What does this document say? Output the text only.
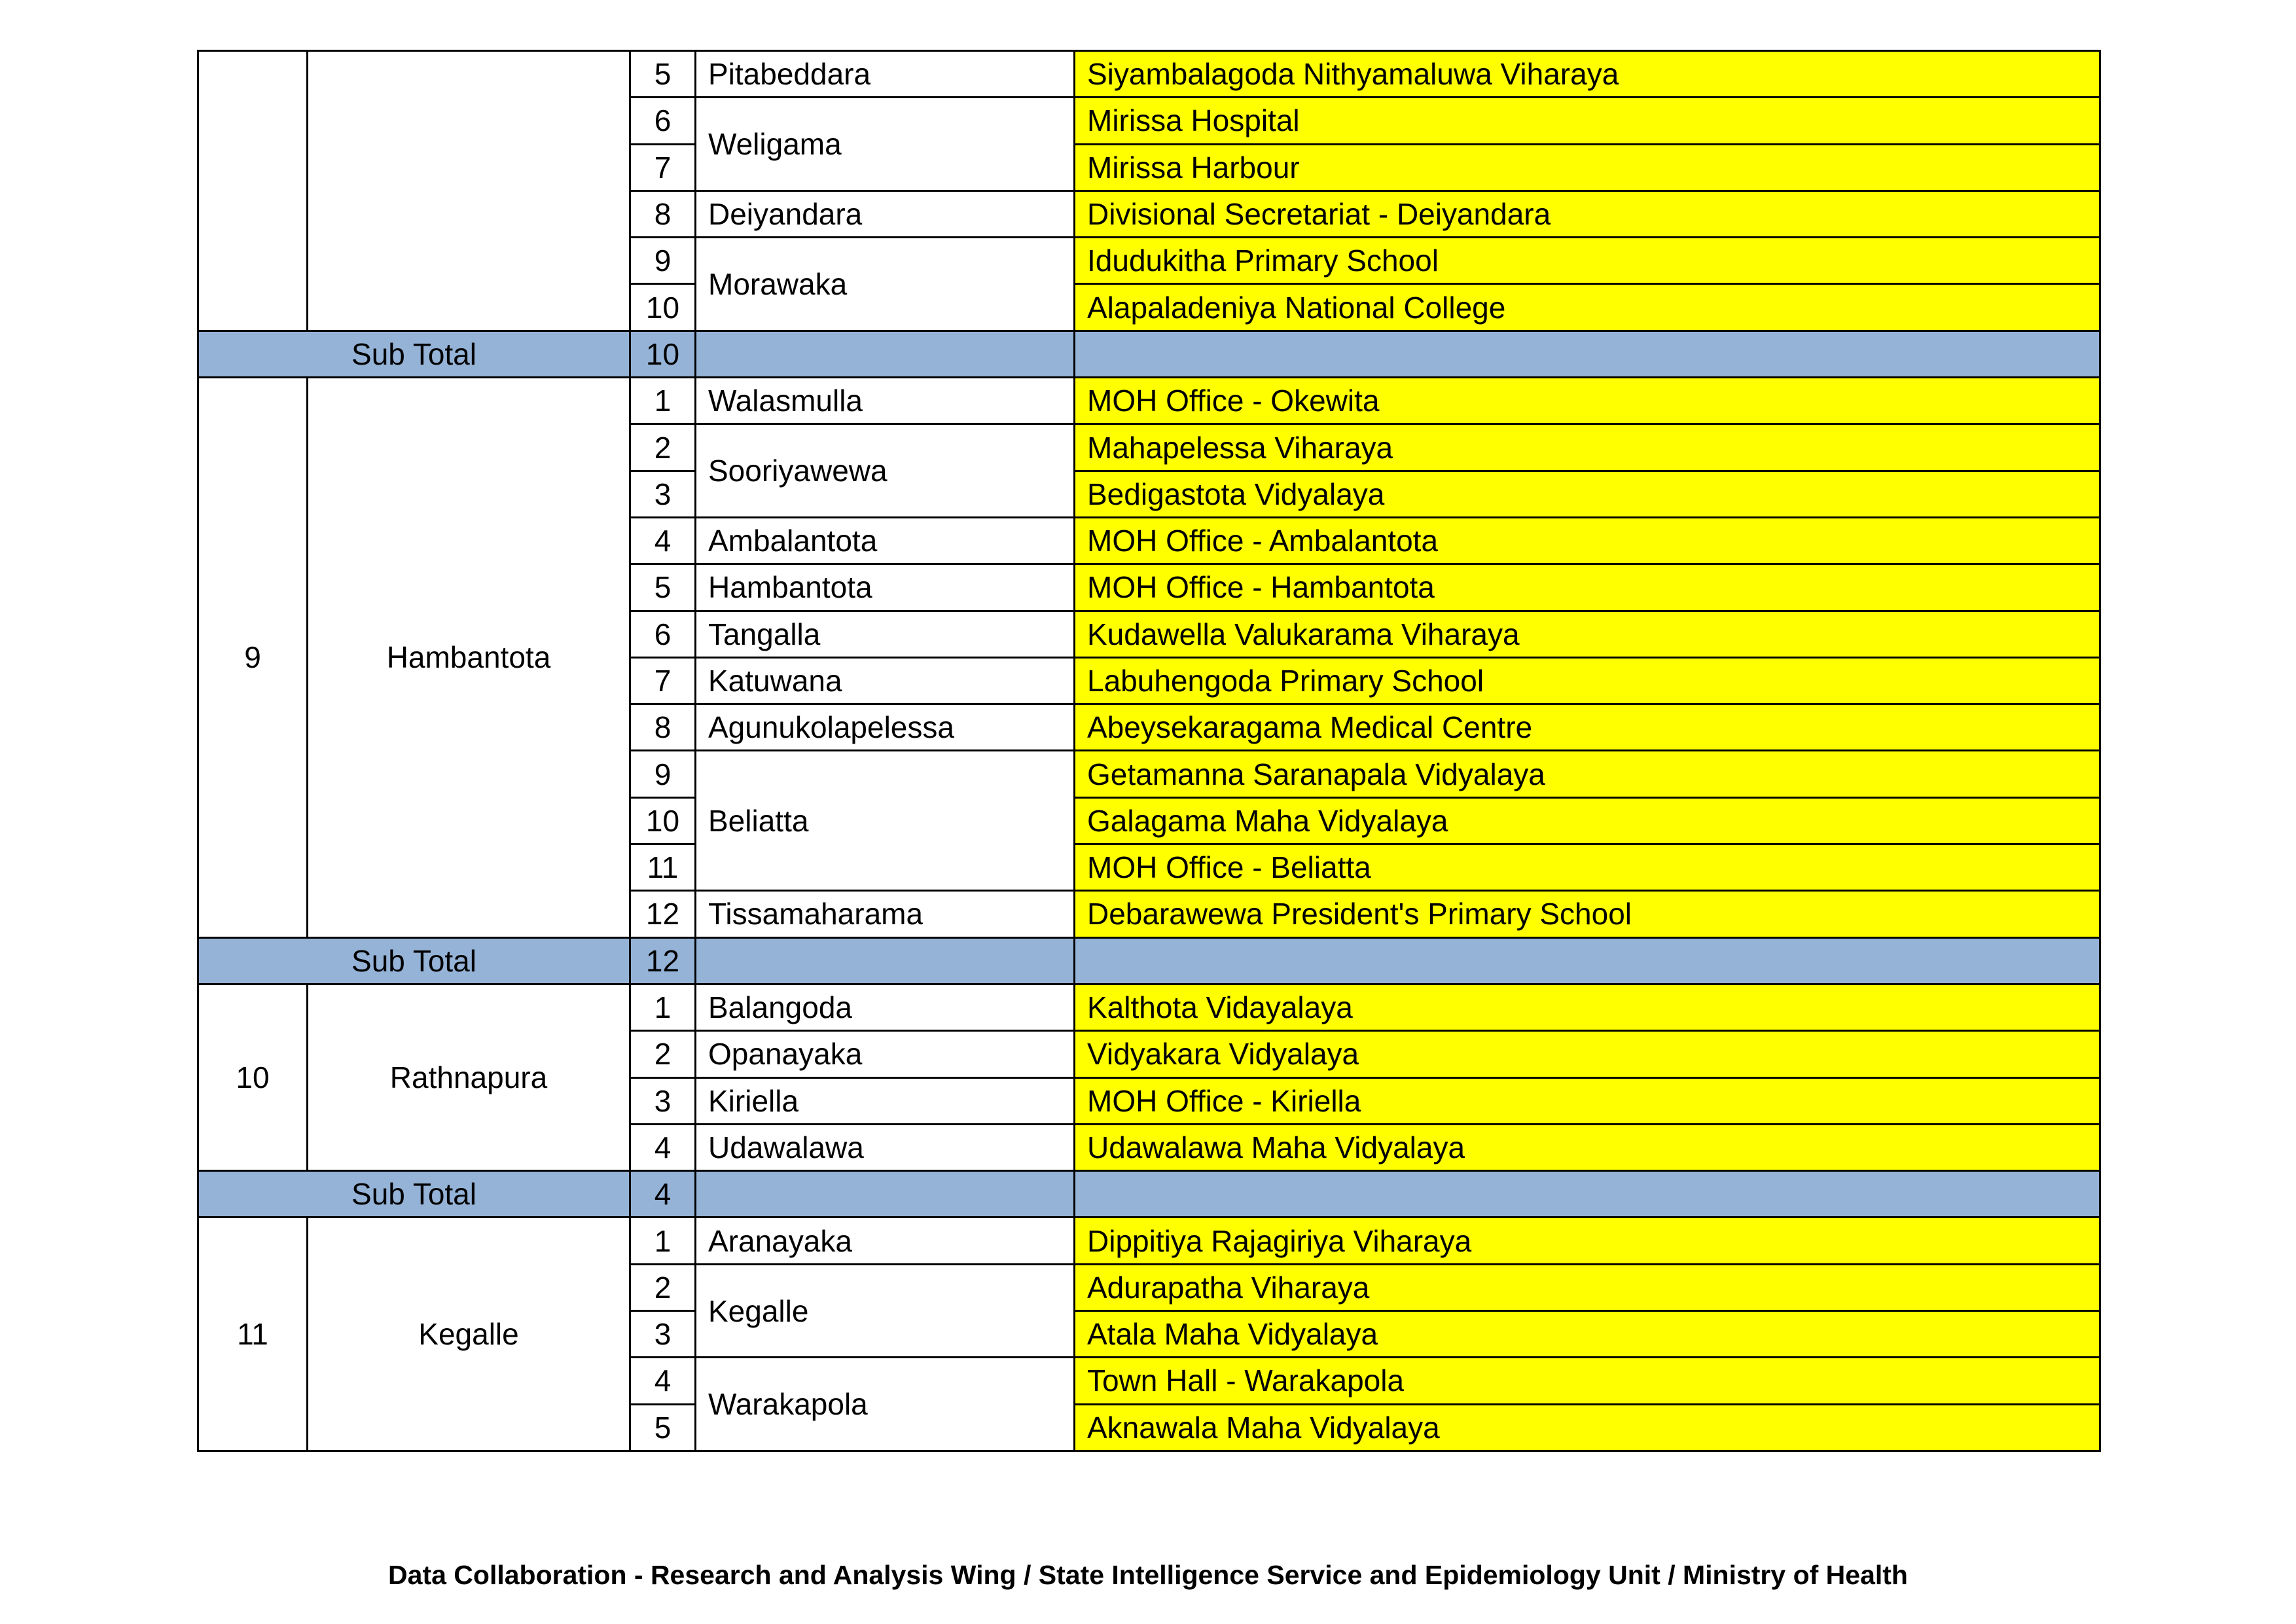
		5	Pitabeddara	Siyambalagoda Nithyamaluwa Viharaya
		6	Weligama	Mirissa Hospital
		7		Mirissa Harbour
		8	Deiyandara	Divisional Secretariat - Deiyandara
		9	Morawaka	Idudukitha Primary School
		10		Alapaladeniya National College
Sub Total		10		
9	Hambantota	1	Walasmulla	MOH Office - Okewita
		2	Sooriyawewa	Mahapelessa Viharaya
		3		Bedigastota Vidyalaya
		4	Ambalantota	MOH Office - Ambalantota
		5	Hambantota	MOH Office - Hambantota
		6	Tangalla	Kudawella Valukarama Viharaya
		7	Katuwana	Labuhengoda Primary School
		8	Agunukolapelessa	Abeysekaragama Medical Centre
		9	Beliatta	Getamanna Saranapala Vidyalaya
		10		Galagama Maha Vidyalaya
		11		MOH Office - Beliatta
		12	Tissamaharama	Debarawewa President's Primary School
Sub Total		12		
10	Rathnapura	1	Balangoda	Kalthota Vidayalaya
		2	Opanayaka	Vidyakara Vidyalaya
		3	Kiriella	MOH Office - Kiriella
		4	Udawalawa	Udawalawa Maha Vidyalaya
Sub Total		4		
11	Kegalle	1	Aranayaka	Dippitiya Rajagiriya Viharaya
		2	Kegalle	Adurapatha Viharaya
		3		Atala Maha Vidyalaya
		4	Warakapola	Town Hall - Warakapola
		5		Aknawala Maha Vidyalaya
Data Collaboration - Research and Analysis Wing / State Intelligence Service and Epidemiology Unit / Ministry of Health
